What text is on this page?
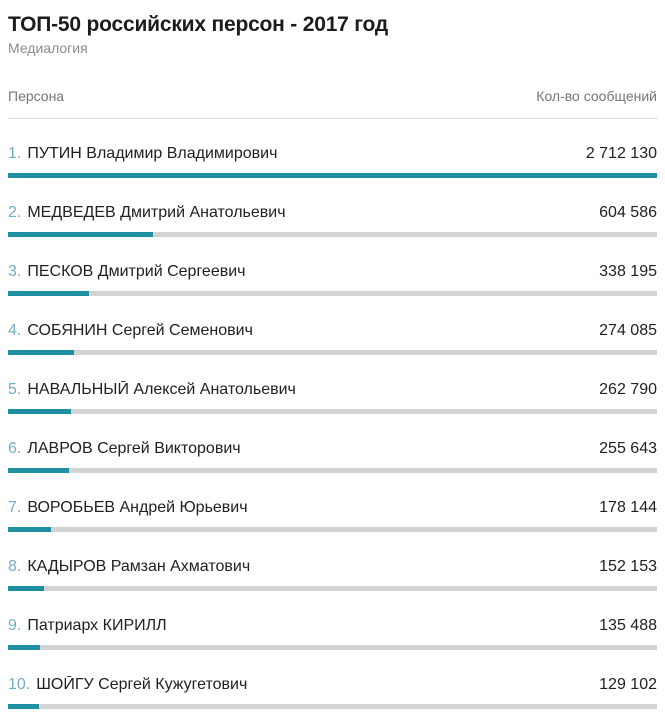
ТОП-50 российских персон - 2017 год
Медиалогия
Персона	Кол-во сообщений
1. ПУТИН Владимир Владимирович	2 712 130
2. МЕДВЕДЕВ Дмитрий Анатольевич	604 586
3. ПЕСКОВ Дмитрий Сергеевич	338 195
4. СОБЯНИН Сергей Семенович	274 085
5. НАВАЛЬНЫЙ Алексей Анатольевич	262 790
6. ЛАВРОВ Сергей Викторович	255 643
7. ВОРОБЬЕВ Андрей Юрьевич	178 144
8. КАДЫРОВ Рамзан Ахматович	152 153
9. Патриарх КИРИЛЛ	135 488
10. ШОЙГУ Сергей Кужугетович	129 102
